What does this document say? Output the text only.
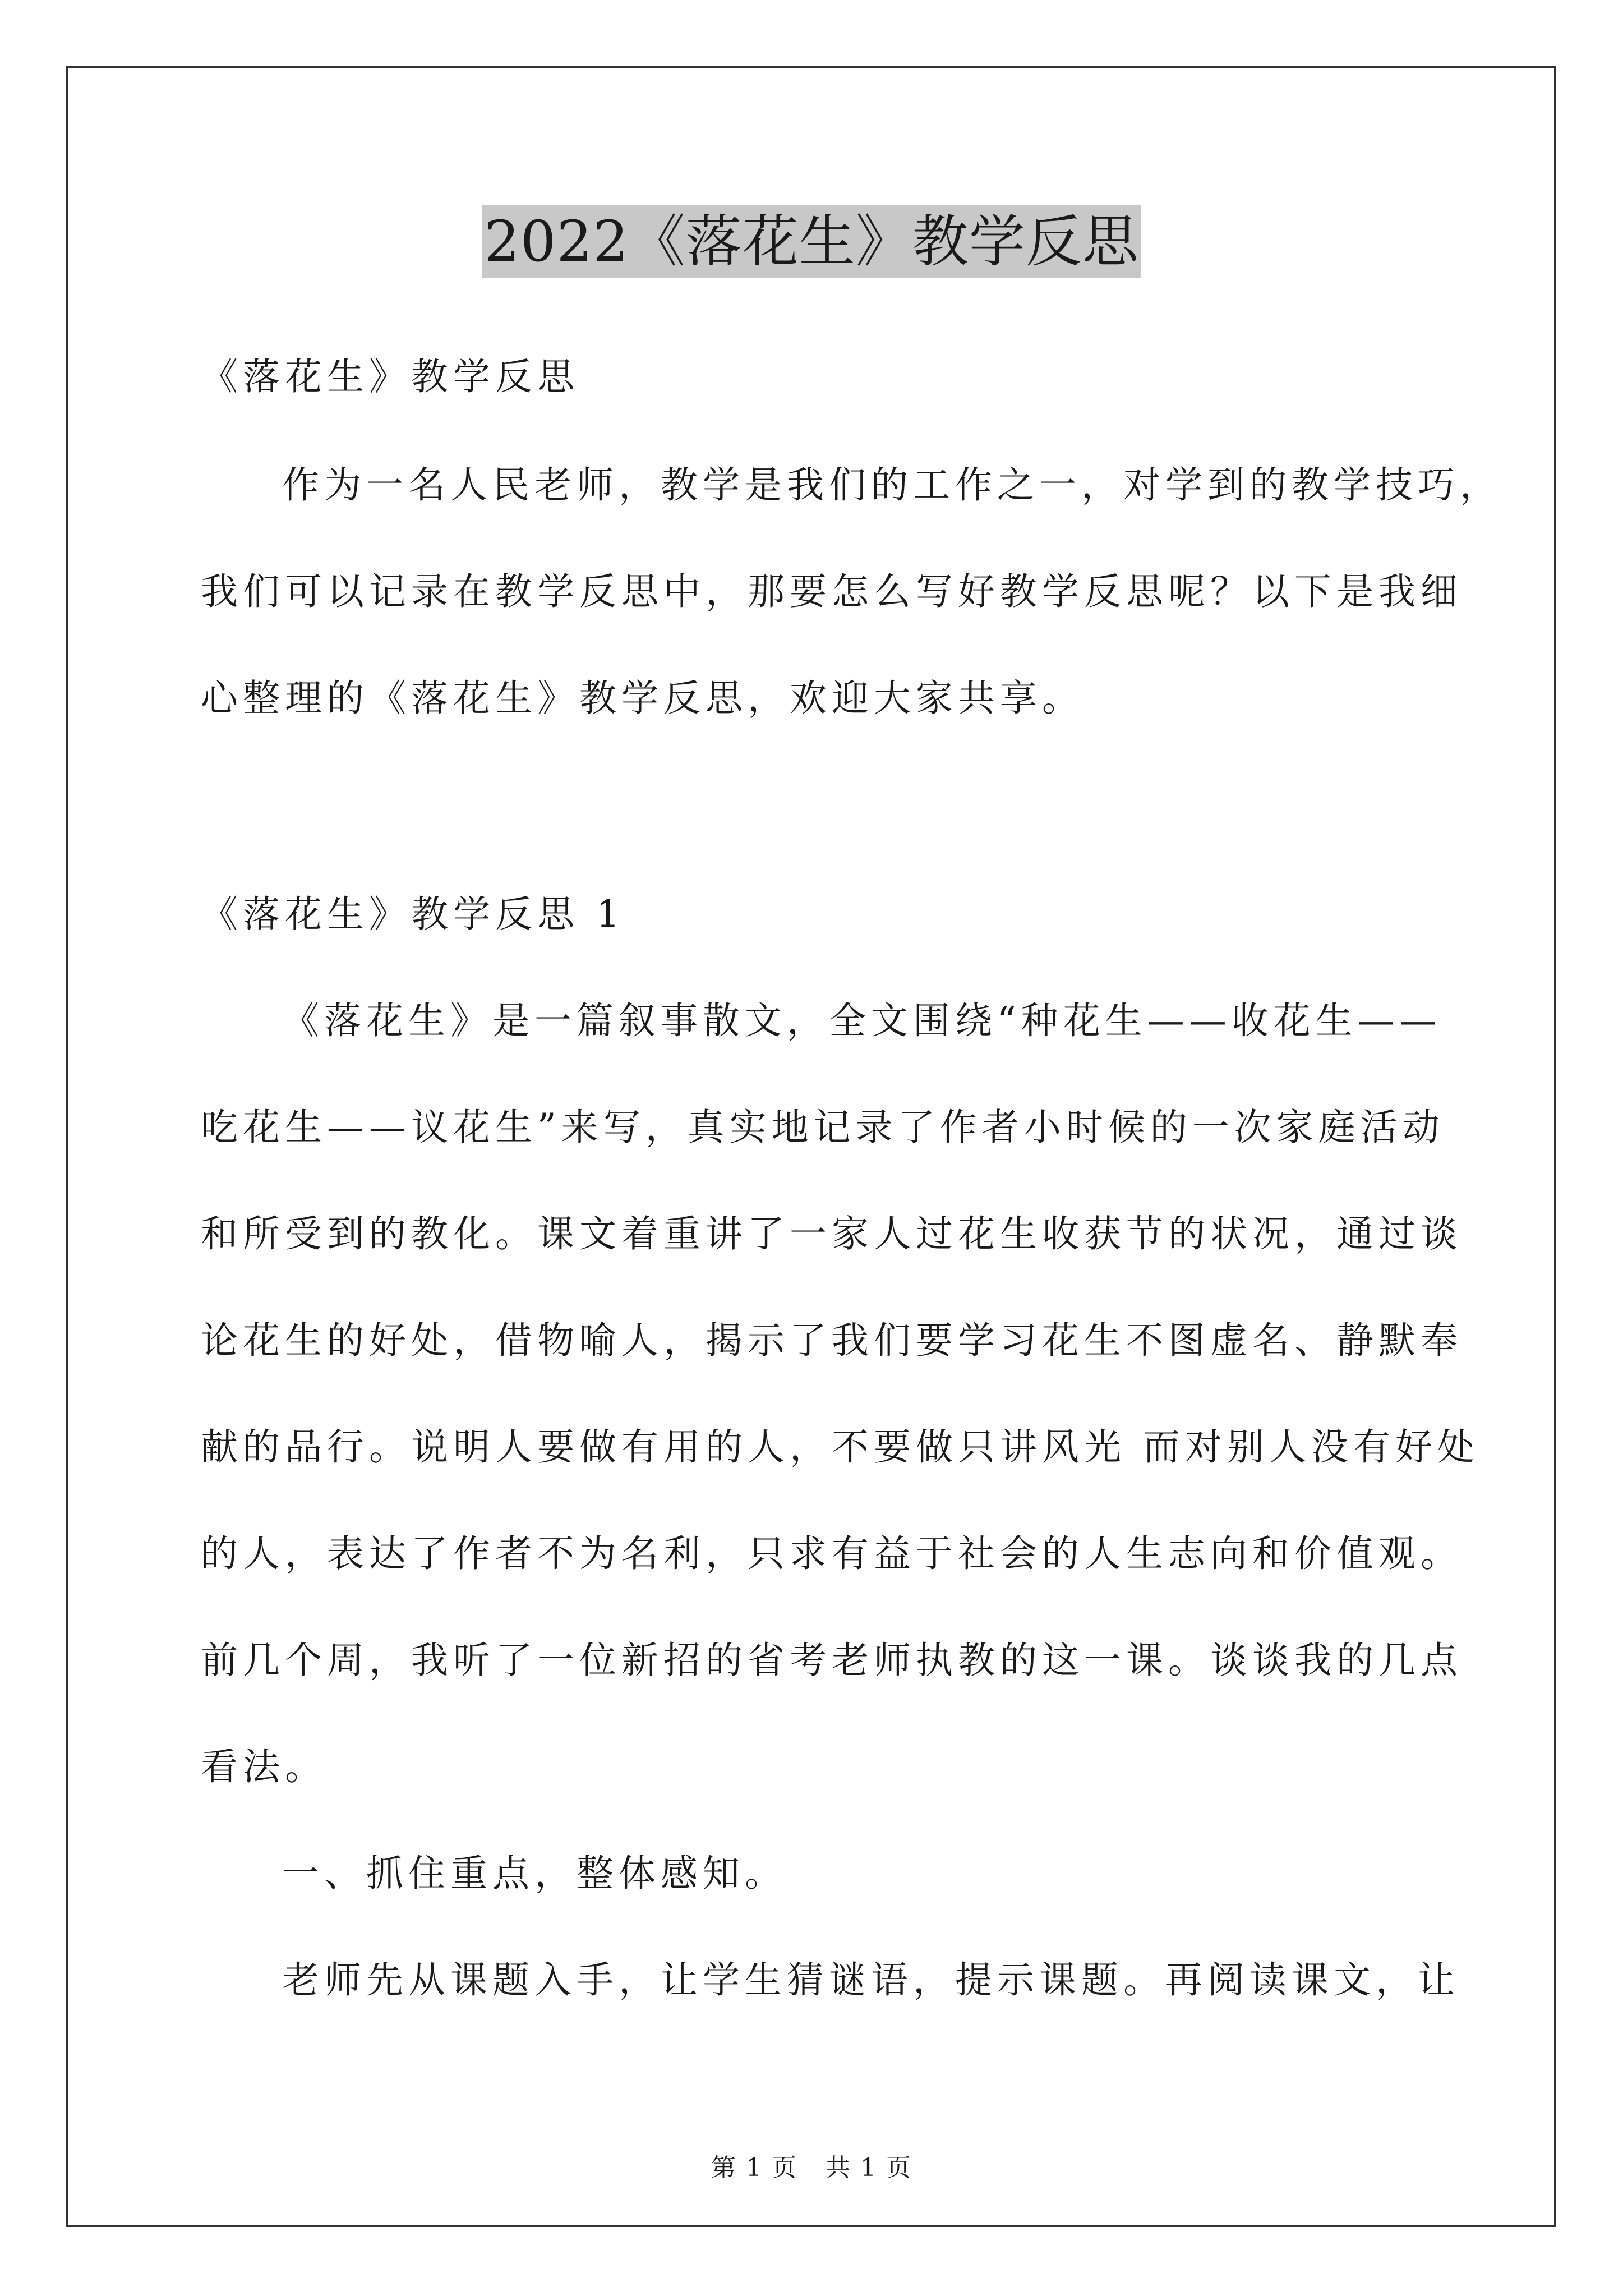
2022《落花生》教学反思
《落花生》教学反思
作为一名人民老师，教学是我们的工作之一，对学到的教学技巧，
我们可以记录在教学反思中，那要怎么写好教学反思呢？以下是我细
心整理的《落花生》教学反思，欢迎大家共享。
《落花生》教学反思 1
《落花生》是一篇叙事散文，全文围绕“种花生——收花生——
吃花生——议花生”来写，真实地记录了作者小时候的一次家庭活动
和所受到的教化。课文着重讲了一家人过花生收获节的状况，通过谈
论花生的好处，借物喻人，揭示了我们要学习花生不图虚名、静默奉
献的品行。说明人要做有用的人，不要做只讲风光 而对别人没有好处
的人，表达了作者不为名利，只求有益于社会的人生志向和价值观。
前几个周，我听了一位新招的省考老师执教的这一课。谈谈我的几点
看法。
一、抓住重点，整体感知。
老师先从课题入手，让学生猜谜语，提示课题。再阅读课文，让
第 1 页 共 1 页
